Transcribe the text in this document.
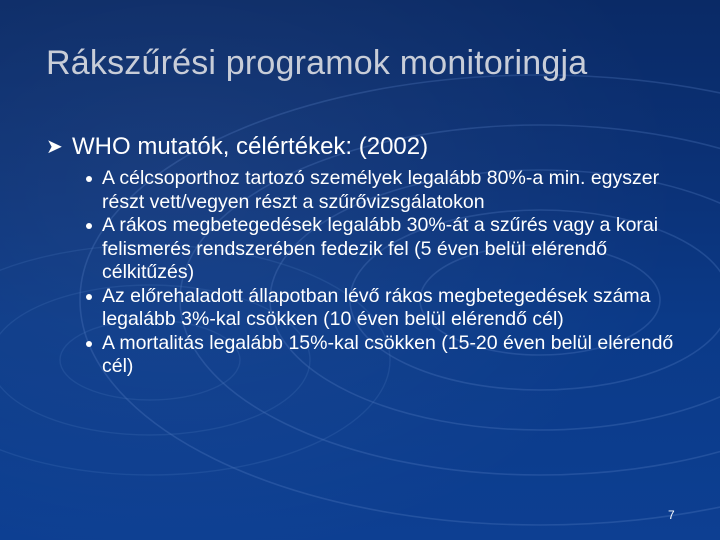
Rákszűrési programok monitoringja
➤ WHO mutatók, célértékek: (2002)
A célcsoporthoz tartozó személyek legalább 80%-a min. egyszer részt vett/vegyen részt a szűrővizsgálatokon
A rákos megbetegedések legalább 30%-át a szűrés vagy a korai felismerés rendszerében fedezik fel (5 éven belül elérendő célkitűzés)
Az előrehaladott állapotban lévő rákos megbetegedések száma legalább 3%-kal csökken (10 éven belül elérendő cél)
A mortalitás legalább 15%-kal csökken (15-20 éven belül elérendő cél)
7
